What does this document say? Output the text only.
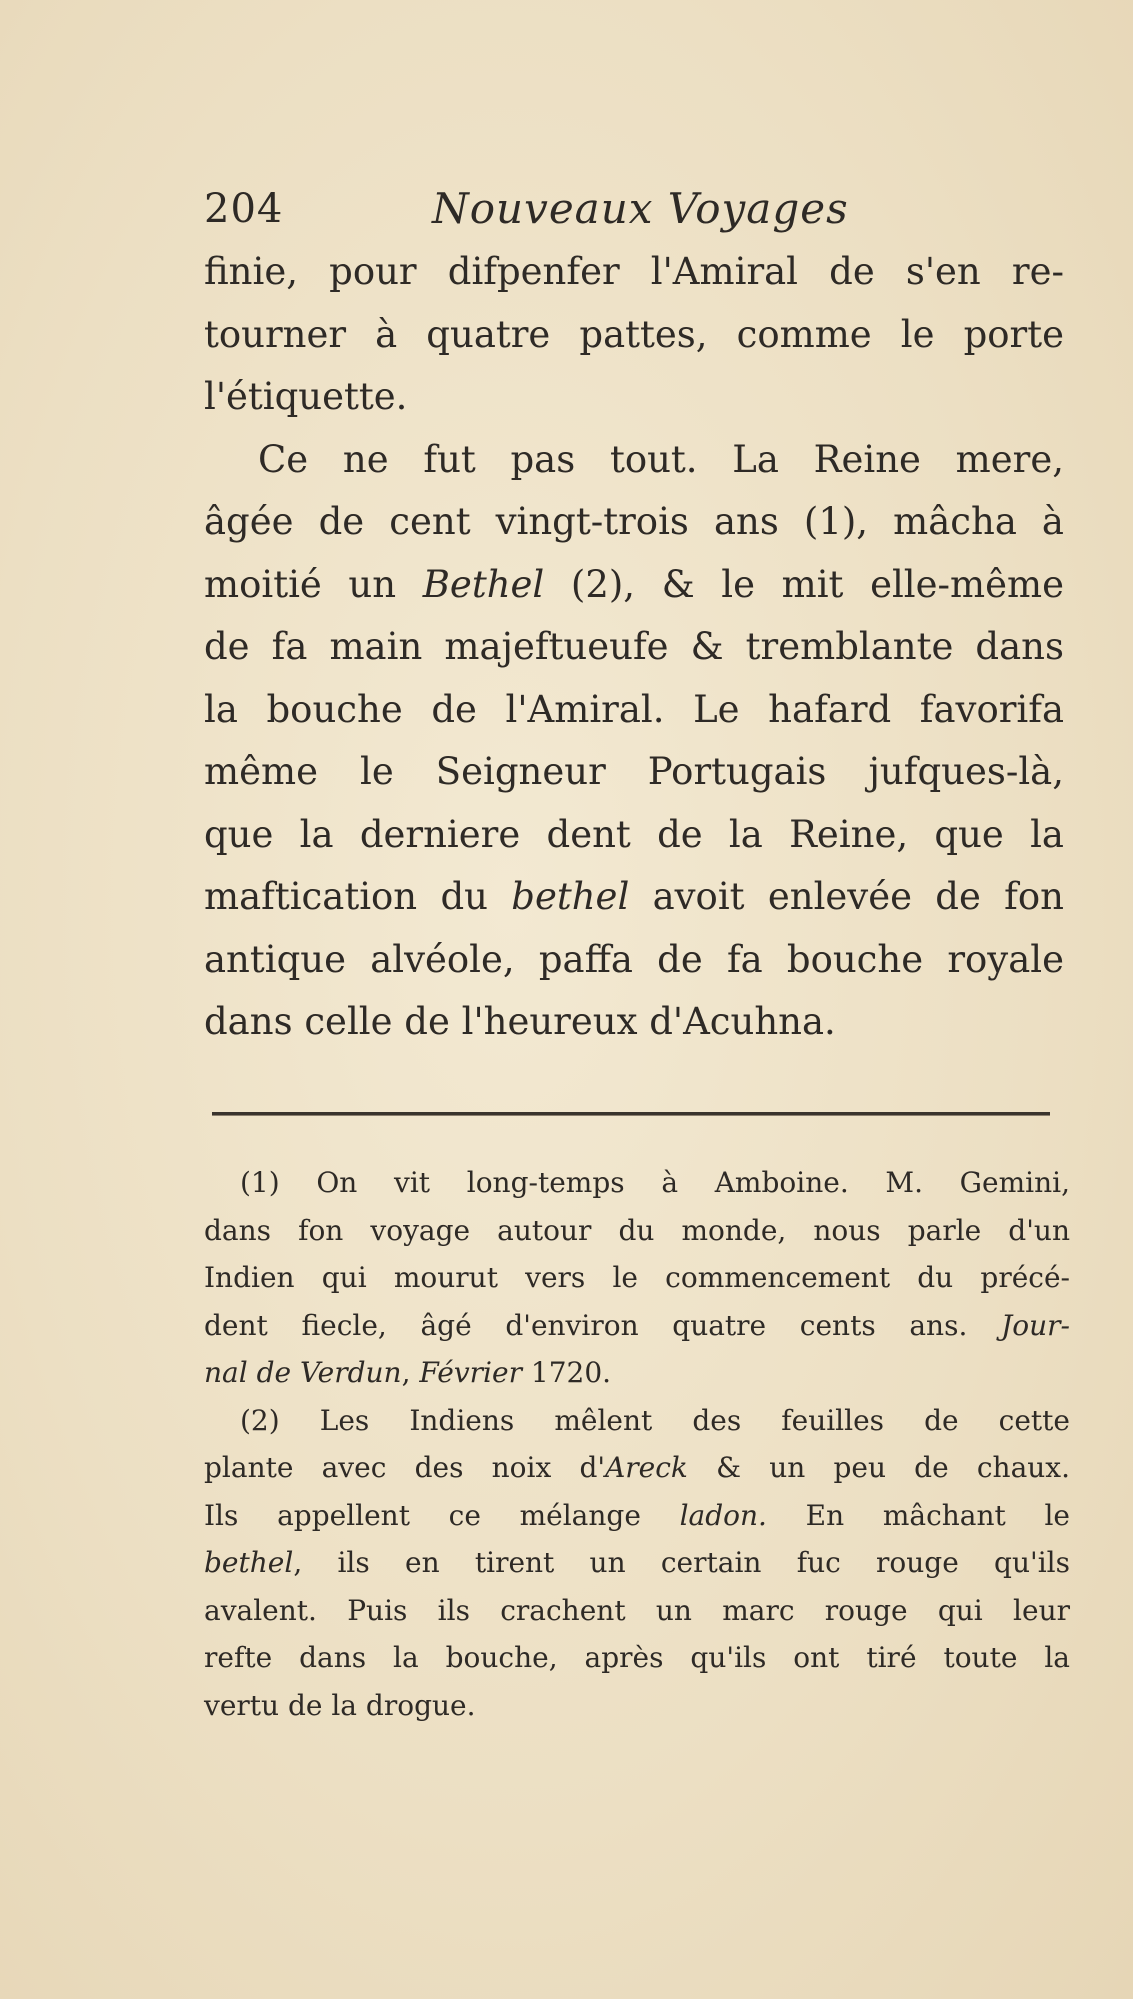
204	Nouveaux Voyages
finie, pour difpenfer l'Amiral de s'en re-
tourner à quatre pattes, comme le porte
l'étiquette.
Ce ne fut pas tout. La Reine mere,
âgée de cent vingt-trois ans (1), mâcha à
moitié un Bethel (2), & le mit elle-même
de fa main majeftueufe & tremblante dans
la bouche de l'Amiral. Le hafard favorifa
même le Seigneur Portugais jufques-là,
que la derniere dent de la Reine, que la
maftication du bethel avoit enlevée de fon
antique alvéole, paffa de fa bouche royale
dans celle de l'heureux d'Acuhna.
(1) On vit long-temps à Amboine. M. Gemini,
dans fon voyage autour du monde, nous parle d'un
Indien qui mourut vers le commencement du précé-
dent fiecle, âgé d'environ quatre cents ans. Jour-
nal de Verdun, Février 1720.
(2) Les Indiens mêlent des feuilles de cette
plante avec des noix d'Areck & un peu de chaux.
Ils appellent ce mélange ladon. En mâchant le
bethel, ils en tirent un certain fuc rouge qu'ils
avalent. Puis ils crachent un marc rouge qui leur
refte dans la bouche, après qu'ils ont tiré toute la
vertu de la drogue.
